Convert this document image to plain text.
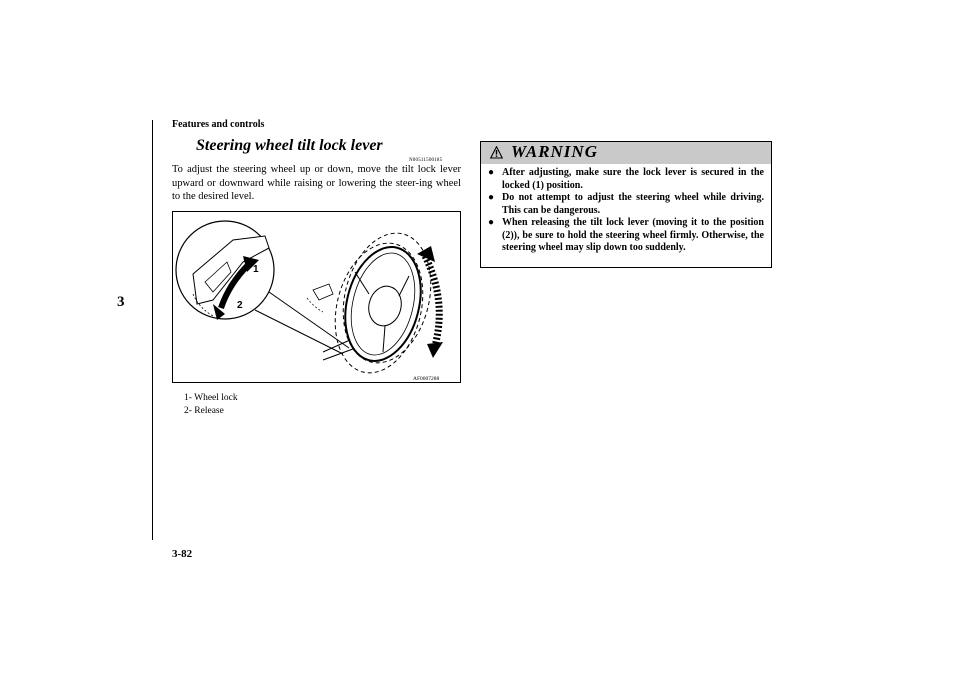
Features and controls
3
Steering wheel tilt lock lever
N00511500185
To adjust the steering wheel up or down, move the tilt lock lever upward or downward while raising or lowering the steer-ing wheel to the desired level.
1
2
AF0007288
1- Wheel lock
2- Release
WARNING
● After adjusting, make sure the lock lever is secured in the locked (1) position.
● Do not attempt to adjust the steering wheel while driving. This can be dangerous.
● When releasing the tilt lock lever (moving it to the position (2)), be sure to hold the steering wheel firmly. Otherwise, the steering wheel may slip down too suddenly.
3-82
